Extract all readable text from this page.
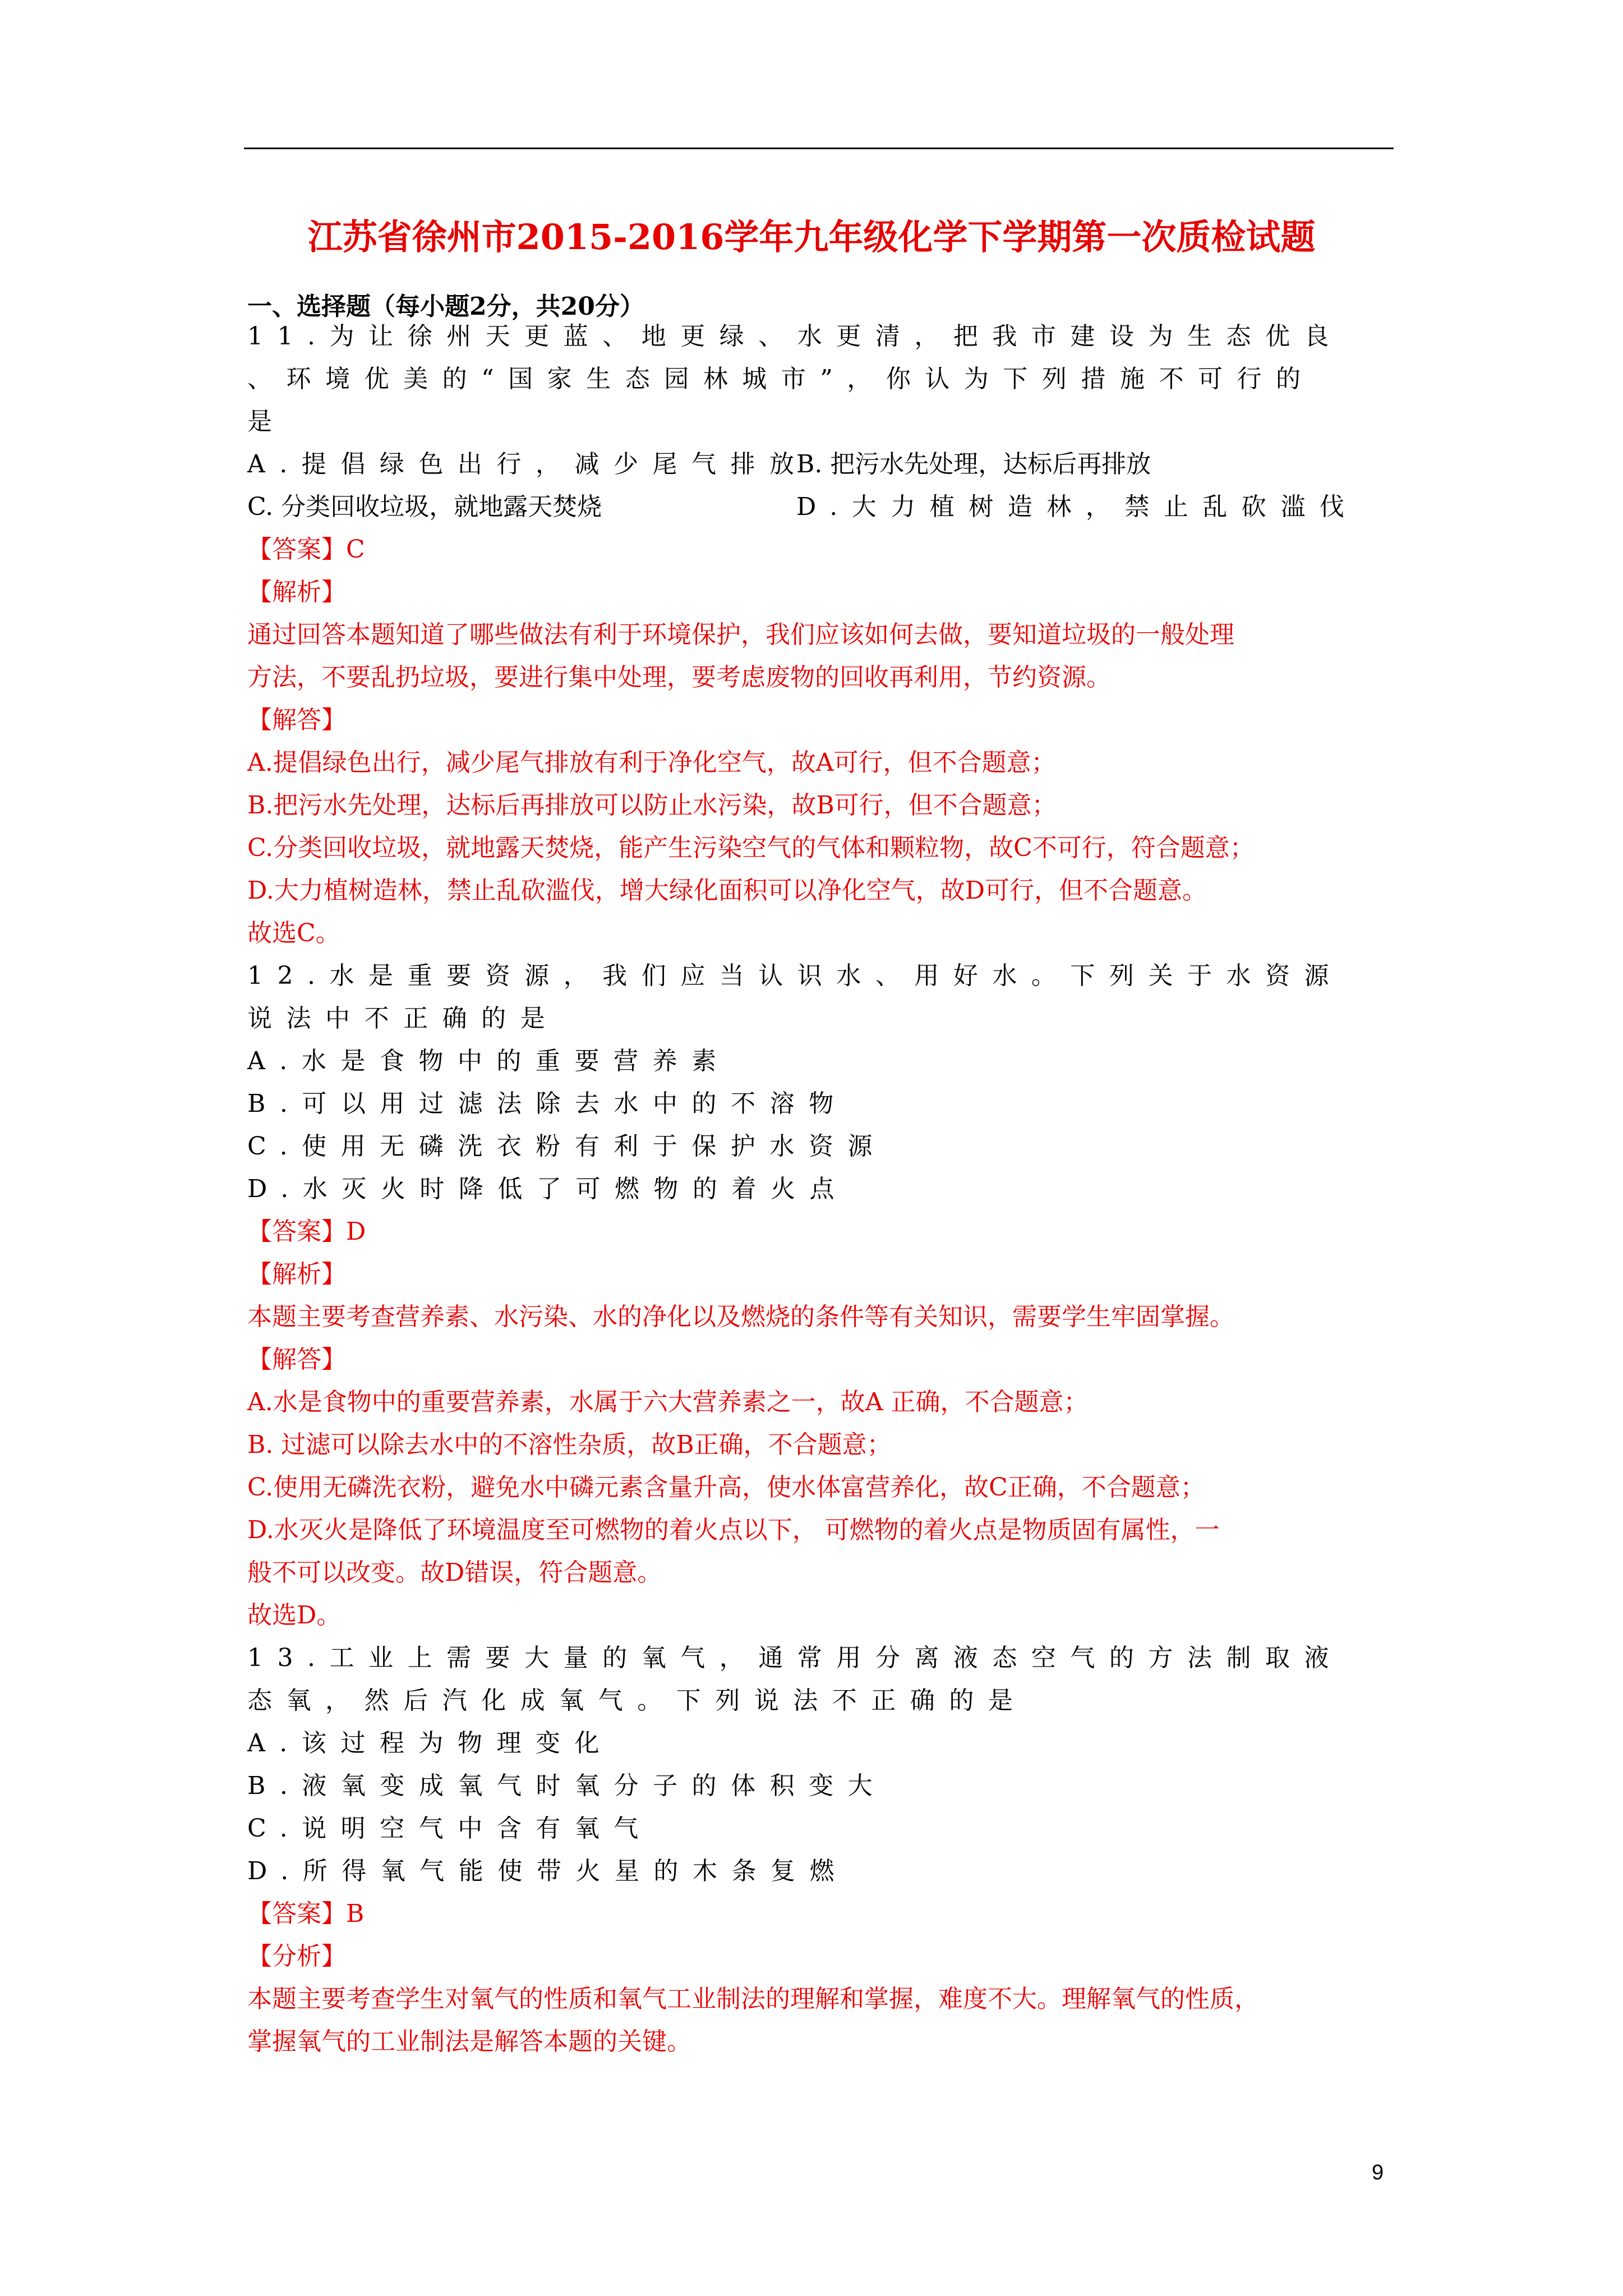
江苏省徐州市2015-2016学年九年级化学下学期第一次质检试题
一、选择题（每小题2分，共20分）
11.为让徐州天更蓝、地更绿、水更清，把我市建设为生态优良
、环境优美的“国家生态园林城市”，你认为下列措施不可行的
是
A.提倡绿色出行，减少尾气排放
B. 把污水先处理，达标后再排放
C. 分类回收垃圾，就地露天焚烧	D.大力植树造林，禁止乱砍滥伐
【答案】C
【解析】
通过回答本题知道了哪些做法有利于环境保护，我们应该如何去做，要知道垃圾的一般处理
方法，不要乱扔垃圾，要进行集中处理，要考虑废物的回收再利用，节约资源。
【解答】
A.提倡绿色出行，减少尾气排放有利于净化空气，故A可行，但不合题意；
B.把污水先处理，达标后再排放可以防止水污染，故B可行，但不合题意；
C.分类回收垃圾，就地露天焚烧，能产生污染空气的气体和颗粒物，故C不可行，符合题意；
D.大力植树造林，禁止乱砍滥伐，增大绿化面积可以净化空气，故D可行，但不合题意。
故选C。
12.水是重要资源，我们应当认识水、用好水。下列关于水资源
说法中不正确的是
A.水是食物中的重要营养素
B.可以用过滤法除去水中的不溶物
C.使用无磷洗衣粉有利于保护水资源
D.水灭火时降低了可燃物的着火点
【答案】D
【解析】
本题主要考查营养素、水污染、水的净化以及燃烧的条件等有关知识，需要学生牢固掌握。
【解答】
A.水是食物中的重要营养素，水属于六大营养素之一，故A 正确，不合题意；
B. 过滤可以除去水中的不溶性杂质，故B正确，不合题意；
C.使用无磷洗衣粉，避免水中磷元素含量升高，使水体富营养化，故C正确，不合题意；
D.水灭火是降低了环境温度至可燃物的着火点以下， 可燃物的着火点是物质固有属性，一
般不可以改变。故D错误，符合题意。
故选D。
13.工业上需要大量的氧气，通常用分离液态空气的方法制取液
态氧，然后汽化成氧气。下列说法不正确的是
A.该过程为物理变化
B.液氧变成氧气时氧分子的体积变大
C.说明空气中含有氧气
D.所得氧气能使带火星的木条复燃
【答案】B
【分析】
本题主要考查学生对氧气的性质和氧气工业制法的理解和掌握，难度不大。理解氧气的性质，
掌握氧气的工业制法是解答本题的关键。
9
